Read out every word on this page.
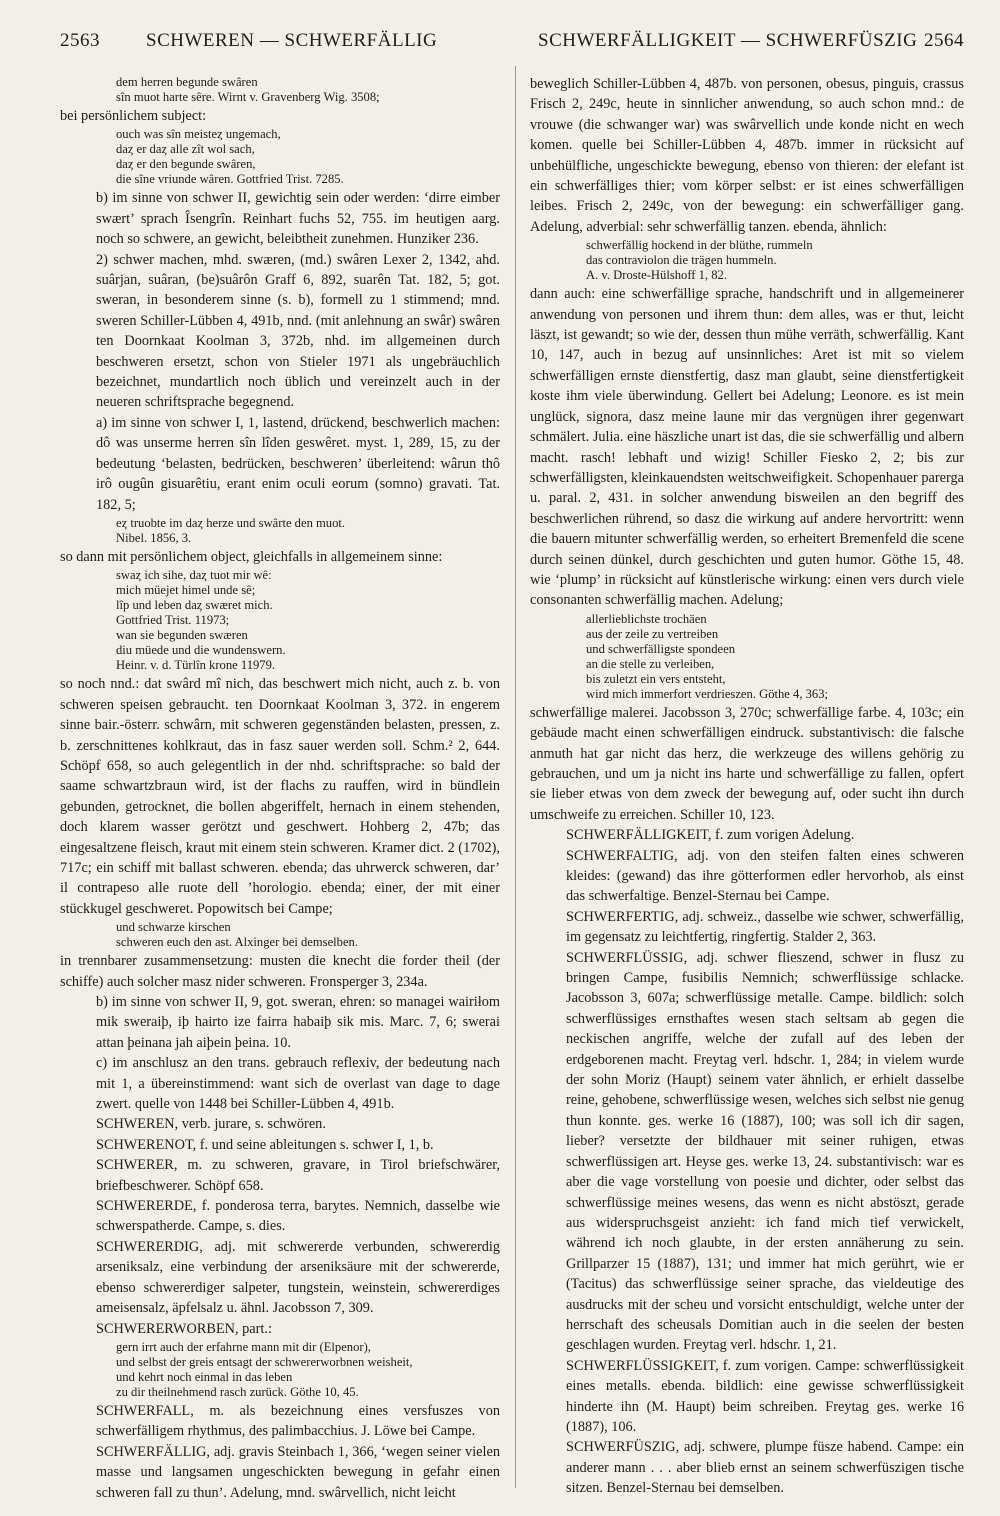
2563 SCHWEREN — SCHWERFÄLLIG	SCHWERFÄLLIGKEIT — SCHWERFÜSZIG 2564

dem herren begunde swâren
sîn muot harte sêre. Wirnt v. Gravenberg Wig. 3508;

bei persönlichem subject:

ouch was sîn meisteȥ ungemach,
daȥ er daȥ alle zît wol sach,
daȥ er den begunde swâren,
die sîne vriunde wâren. Gottfried Trist. 7285.

b) im sinne von schwer II, gewichtig sein oder werden: ‘dirre eimber swært’ sprach Îsengrîn. Reinhart fuchs 52, 755. im heutigen aarg. noch so schwere, an gewicht, beleibtheit zunehmen. Hunziker 236.

2) schwer machen, mhd. swæren, (md.) swâren Lexer 2, 1342, ahd. suârjan, suâran, (be)suârôn Graff 6, 892, suarên Tat. 182, 5; got. sweran, in besonderem sinne (s. b), formell zu 1 stimmend; mnd. sweren Schiller-Lübben 4, 491b, nnd. (mit anlehnung an swâr) swâren ten Doornkaat Koolman 3, 372b, nhd. im allgemeinen durch beschweren ersetzt, schon von Stieler 1971 als ungebräuchlich bezeichnet, mundartlich noch üblich und vereinzelt auch in der neueren schriftsprache begegnend.

a) im sinne von schwer I, 1, lastend, drückend, beschwerlich machen: dô was unserme herren sîn lîden geswêret. myst. 1, 289, 15, zu der bedeutung ‘belasten, bedrücken, beschweren’ überleitend: wârun thô irô ougûn gisuarêtiu, erant enim oculi eorum (somno) gravati. Tat. 182, 5;

eȥ truobte im daȥ herze und swârte den muot.
Nibel. 1856, 3.

so dann mit persönlichem object, gleichfalls in allgemeinem sinne:

swaȥ ich sihe, daȥ tuot mir wê:
mich müejet himel unde sê;
lîp und leben daȥ swæret mich.
Gottfried Trist. 11973;
wan sie begunden swæren
diu müede und die wundenswern.
Heinr. v. d. Türlîn krone 11979.

so noch nnd.: dat swârd mî nich, das beschwert mich nicht, auch z. b. von schweren speisen gebraucht. ten Doornkaat Koolman 3, 372. in engerem sinne bair.-österr. schwârn, mit schweren gegenständen belasten, pressen, z. b. zerschnittenes kohlkraut, das in fasz sauer werden soll. Schm.² 2, 644. Schöpf 658, so auch gelegentlich in der nhd. schriftsprache: so bald der saame schwartzbraun wird, ist der flachs zu rauffen, wird in bündlein gebunden, getrocknet, die bollen abgeriffelt, hernach in einem stehenden, doch klarem wasser gerötzt und geschwert. Hohberg 2, 47b; das eingesaltzene fleisch, kraut mit einem stein schweren. Kramer dict. 2 (1702), 717c; ein schiff mit ballast schweren. ebenda; das uhrwerck schweren, dar’ il contrapeso alle ruote dell ’horologio. ebenda; einer, der mit einer stückkugel geschweret. Popowitsch bei Campe;

und schwarze kirschen
schweren euch den ast. Alxinger bei demselben.

in trennbarer zusammensetzung: musten die knecht die forder theil (der schiffe) auch solcher masz nider schweren. Fronsperger 3, 234a.

b) im sinne von schwer II, 9, got. sweran, ehren: so managei wairiłom mik sweraiþ, iþ hairto ize fairra habaiþ sik mis. Marc. 7, 6; swerai attan þeinana jah aiþein þeina. 10.

c) im anschlusz an den trans. gebrauch reflexiv, der bedeutung nach mit 1, a übereinstimmend: want sich de overlast van dage to dage zwert. quelle von 1448 bei Schiller-Lübben 4, 491b.

SCHWEREN, verb. jurare, s. schwören.

SCHWERENOT, f. und seine ableitungen s. schwer I, 1, b.

SCHWERER, m. zu schweren, gravare, in Tirol briefschwärer, briefbeschwerer. Schöpf 658.

SCHWERERDE, f. ponderosa terra, barytes. Nemnich, dasselbe wie schwerspatherde. Campe, s. dies.

SCHWERERDIG, adj. mit schwererde verbunden, schwererdig arseniksalz, eine verbindung der arseniksäure mit der schwererde, ebenso schwererdiger salpeter, tungstein, weinstein, schwererdiges ameisensalz, äpfelsalz u. ähnl. Jacobsson 7, 309.

SCHWERERWORBEN, part.:

gern irrt auch der erfahrne mann mit dir (Elpenor),
und selbst der greis entsagt der schwererworbnen weisheit,
und kehrt noch einmal in das leben
zu dir theilnehmend rasch zurück. Göthe 10, 45.

SCHWERFALL, m. als bezeichnung eines versfuszes von schwerfälligem rhythmus, des palimbacchius. J. Löwe bei Campe.

SCHWERFÄLLIG, adj. gravis Steinbach 1, 366, ‘wegen seiner vielen masse und langsamen ungeschickten bewegung in gefahr einen schweren fall zu thun’. Adelung, mnd. swârvellich, nicht leicht

beweglich Schiller-Lübben 4, 487b. von personen, obesus, pinguis, crassus Frisch 2, 249c, heute in sinnlicher anwendung, so auch schon mnd.: de vrouwe (die schwanger war) was swârvellich unde konde nicht en wech komen. quelle bei Schiller-Lübben 4, 487b. immer in rücksicht auf unbehülfliche, ungeschickte bewegung, ebenso von thieren: der elefant ist ein schwerfälliges thier; vom körper selbst: er ist eines schwerfälligen leibes. Frisch 2, 249c, von der bewegung: ein schwerfälliger gang. Adelung, adverbial: sehr schwerfällig tanzen. ebenda, ähnlich:

schwerfällig hockend in der blüthe, rummeln
das contraviolon die trägen hummeln.
A. v. Droste-Hülshoff 1, 82.

dann auch: eine schwerfällige sprache, handschrift und in allgemeinerer anwendung von personen und ihrem thun: dem alles, was er thut, leicht läszt, ist gewandt; so wie der, dessen thun mühe verräth, schwerfällig. Kant 10, 147, auch in bezug auf unsinnliches: Aret ist mit so vielem schwerfälligen ernste dienstfertig, dasz man glaubt, seine dienstfertigkeit koste ihm viele überwindung. Gellert bei Adelung; Leonore. es ist mein unglück, signora, dasz meine laune mir das vergnügen ihrer gegenwart schmälert. Julia. eine häszliche unart ist das, die sie schwerfällig und albern macht. rasch! lebhaft und wizig! Schiller Fiesko 2, 2; bis zur schwerfälligsten, kleinkauendsten weitschweifigkeit. Schopenhauer parerga u. paral. 2, 431. in solcher anwendung bisweilen an den begriff des beschwerlichen rührend, so dasz die wirkung auf andere hervortritt: wenn die bauern mitunter schwerfällig werden, so erheitert Bremenfeld die scene durch seinen dünkel, durch geschichten und guten humor. Göthe 15, 48. wie ‘plump’ in rücksicht auf künstlerische wirkung: einen vers durch viele consonanten schwerfällig machen. Adelung;

allerlieblichste trochäen
aus der zeile zu vertreiben
und schwerfälligste spondeen
an die stelle zu verleiben,
bis zuletzt ein vers entsteht,
wird mich immerfort verdrieszen. Göthe 4, 363;

schwerfällige malerei. Jacobsson 3, 270c; schwerfällige farbe. 4, 103c; ein gebäude macht einen schwerfälligen eindruck. substantivisch: die falsche anmuth hat gar nicht das herz, die werkzeuge des willens gehörig zu gebrauchen, und um ja nicht ins harte und schwerfällige zu fallen, opfert sie lieber etwas von dem zweck der bewegung auf, oder sucht ihn durch umschweife zu erreichen. Schiller 10, 123.

SCHWERFÄLLIGKEIT, f. zum vorigen Adelung.

SCHWERFALTIG, adj. von den steifen falten eines schweren kleides: (gewand) das ihre götterformen edler hervorhob, als einst das schwerfaltige. Benzel-Sternau bei Campe.

SCHWERFERTIG, adj. schweiz., dasselbe wie schwer, schwerfällig, im gegensatz zu leichtfertig, ringfertig. Stalder 2, 363.

SCHWERFLÜSSIG, adj. schwer flieszend, schwer in flusz zu bringen Campe, fusibilis Nemnich; schwerflüssige schlacke. Jacobsson 3, 607a; schwerflüssige metalle. Campe. bildlich: solch schwerflüssiges ernsthaftes wesen stach seltsam ab gegen die neckischen angriffe, welche der zufall auf des leben der erdgeborenen macht. Freytag verl. hdschr. 1, 284; in vielem wurde der sohn Moriz (Haupt) seinem vater ähnlich, er erhielt dasselbe reine, gehobene, schwerflüssige wesen, welches sich selbst nie genug thun konnte. ges. werke 16 (1887), 100; was soll ich dir sagen, lieber? versetzte der bildhauer mit seiner ruhigen, etwas schwerflüssigen art. Heyse ges. werke 13, 24. substantivisch: war es aber die vage vorstellung von poesie und dichter, oder selbst das schwerflüssige meines wesens, das wenn es nicht abstöszt, gerade aus widerspruchsgeist anzieht: ich fand mich tief verwickelt, während ich noch glaubte, in der ersten annäherung zu sein. Grillparzer 15 (1887), 131; und immer hat mich gerührt, wie er (Tacitus) das schwerflüssige seiner sprache, das vieldeutige des ausdrucks mit der scheu und vorsicht entschuldigt, welche unter der herrschaft des scheusals Domitian auch in die seelen der besten geschlagen wurden. Freytag verl. hdschr. 1, 21.

SCHWERFLÜSSIGKEIT, f. zum vorigen. Campe: schwerflüssigkeit eines metalls. ebenda. bildlich: eine gewisse schwerflüssigkeit hinderte ihn (M. Haupt) beim schreiben. Freytag ges. werke 16 (1887), 106.

SCHWERFÜSZIG, adj. schwere, plumpe füsze habend. Campe: ein anderer mann . . . aber blieb ernst an seinem schwerfüszigen tische sitzen. Benzel-Sternau bei demselben.
